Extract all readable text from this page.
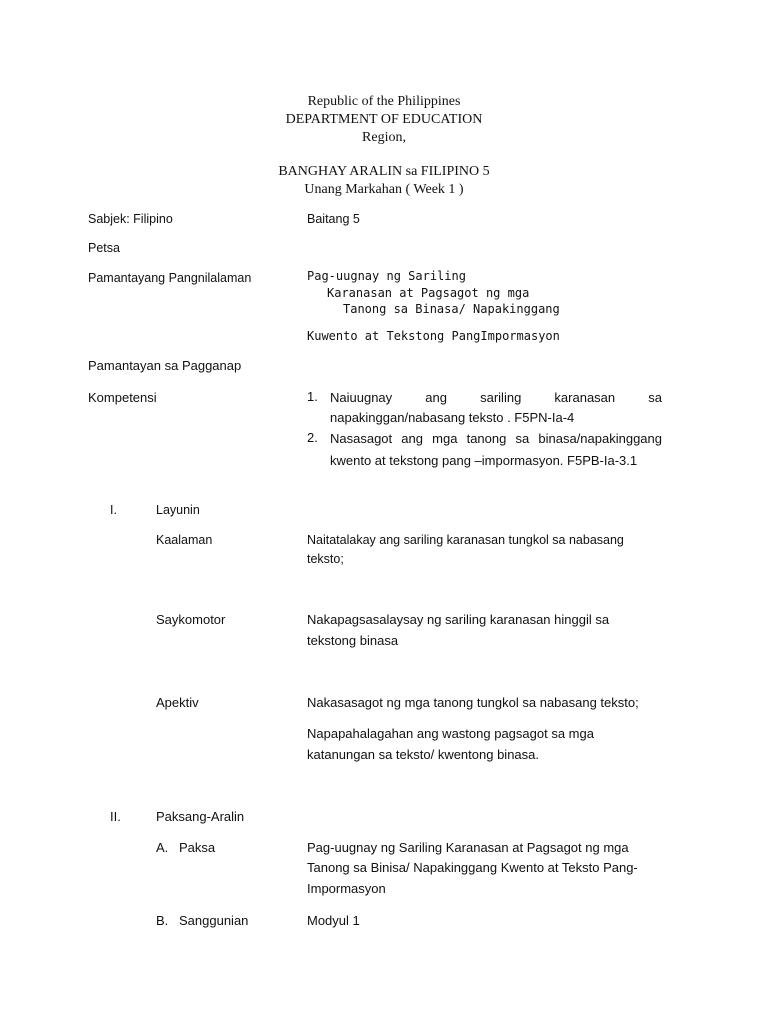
Republic of the Philippines
DEPARTMENT OF EDUCATION
Region,
BANGHAY ARALIN sa FILIPINO 5
Unang Markahan ( Week 1 )
Sabjek: Filipino	Baitang 5
Petsa
Pamantayang Pangnilalaman	Pag-uugnay ng Sariling
Karanasan at Pagsagot ng mga
Tanong sa Binasa/ Napakinggang
Kuwento at Tekstong PangImpormasyon
Pamantayan sa Pagganap
Kompetensi	1. Naiuugnay ang sariling karanasan sa
napakinggan/nabasang teksto . F5PN-Ia-4
2. Nasasagot ang mga tanong sa binasa/napakinggang
kwento at tekstong pang –impormasyon. F5PB-Ia-3.1
I.	Layunin
Kaalaman	Naitatalakay ang sariling karanasan tungkol sa nabasang
teksto;
Saykomotor	Nakapagsasalaysay ng sariling karanasan hinggil sa
tekstong binasa
Apektiv	Nakasasagot ng mga tanong tungkol sa nabasang teksto;
Napapahalagahan ang wastong pagsagot sa mga
katanungan sa teksto/ kwentong binasa.
II.	Paksang-Aralin
A. Paksa	Pag-uugnay ng Sariling Karanasan at Pagsagot ng mga
Tanong sa Binisa/ Napakinggang Kwento at Teksto Pang-
Impormasyon
B. Sanggunian	Modyul 1
